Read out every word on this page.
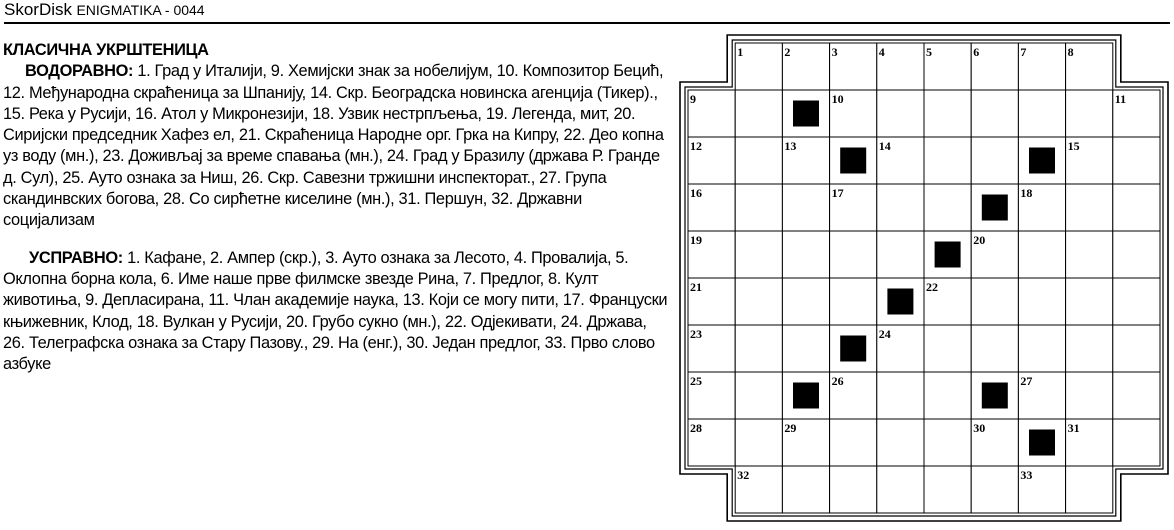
SkorDisk ENIGMATIKA - 0044
КЛАСИЧНА УКРШТЕНИЦА

ВОДОРАВНО: 1. Град у Италији, 9. Хемијски знак за нобелијум, 10. Композитор Бецић, 12. Међународна скраћеница за Шпанију, 14. Скр. Београдска новинска агенција (Тикер)., 15. Река у Русији, 16. Атол у Микронезији, 18. Узвик нестрпљења, 19. Легенда, мит, 20. Сиријски председник Хафез ел, 21. Скраћеница Народне орг. Грка на Кипру, 22. Део копна уз воду (мн.), 23. Доживљај за време спавања (мн.), 24. Град у Бразилу (држава Р. Гранде д. Сул), 25. Ауто ознака за Ниш, 26. Скр. Савезни тржишни инспекторат., 27. Група скандинвских богова, 28. Со сирћетне киселине (мн.), 31. Першун, 32. Државни социјализам

УСПРАВНО: 1. Кафане, 2. Ампер (скр.), 3. Ауто ознака за Лесото, 4. Провалија, 5. Оклопна борна кола, 6. Име наше прве филмске звезде Рина, 7. Предлог, 8. Култ животиња, 9. Депласирана, 11. Члан академије наука, 13. Који се могу пити, 17. Француски књижевник, Клод, 18. Вулкан у Русији, 20. Грубо сукно (мн.), 22. Одјекивати, 24. Држава, 26. Телеграфска ознака за Стару Пазову., 29. На (енг.), 30. Један предлог, 33. Прво слово азбуке

1	2	3	4	5	6	7	8
9	10	11
12	13	14	15
16	17	18
19	20
21	22
23	24
25	26	27
28	29	30	31
32	33
